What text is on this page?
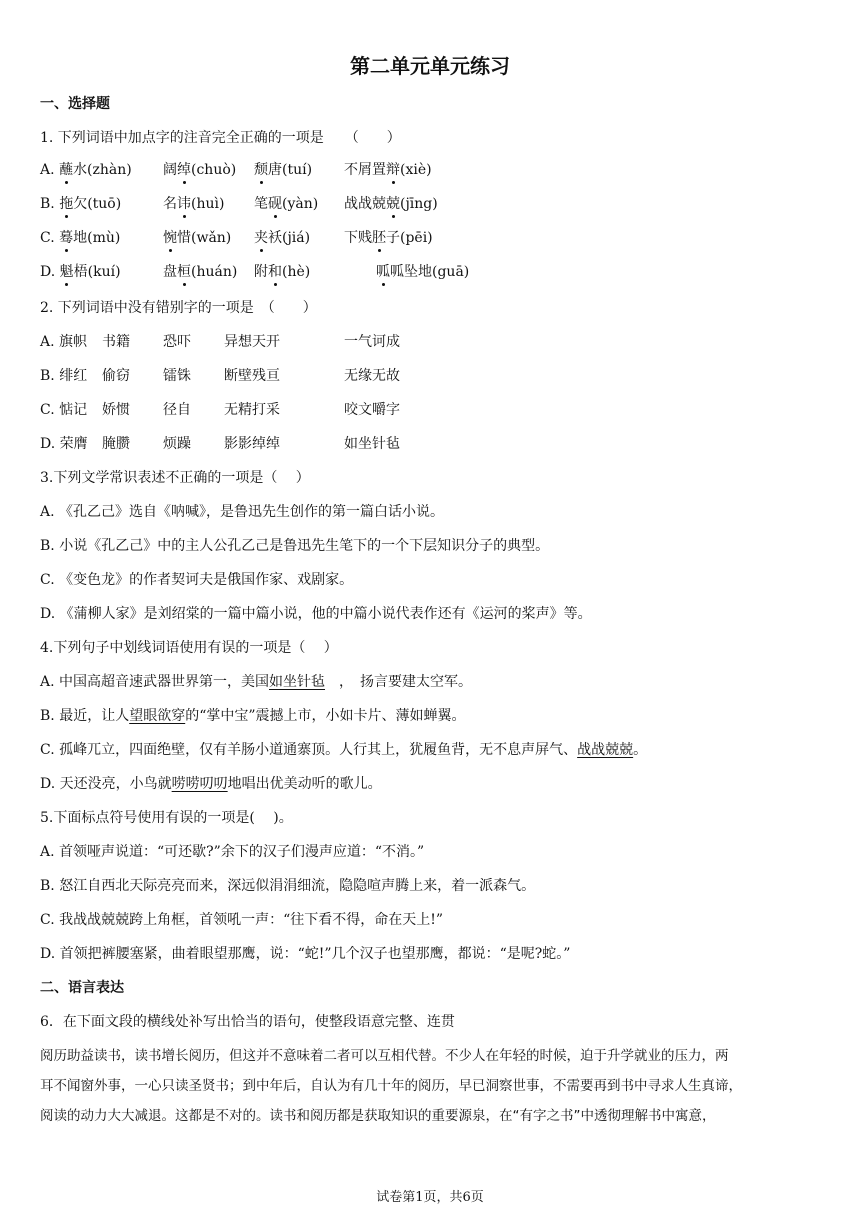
第二单元单元练习
一、选择题
1. 下列词语中加点字的注音完全正确的一项是　　（　　）
A. 蘸水(zhàn) 阔绰(chuò) 颓唐(tuí) 不屑置辩(xiè)
B. 拖欠(tuō)	名讳(huì) 笔砚(yàn) 战战兢兢(jīng)
C. 蓦地(mù)	惋惜(wǎn) 夹袄(jiá) 下贱胚子(pēi)
D. 魁梧(kuí)	盘桓(huán) 附和(hè)	呱呱坠地(guā)
2. 下列词语中没有错别字的一项是　（　　）
A. 旗帜 书籍 恐吓 异想天开	一气诃成
B. 绯红 偷窃 镭铢 断壁残亘	无缘无故
C. 惦记 娇惯 径自 无精打采	咬文嚼字
D. 荣膺 腌臜 烦躁 影影绰绰	如坐针毡
3.下列文学常识表述不正确的一项是（　 ）
A. 《孔乙己》选自《呐喊》，是鲁迅先生创作的第一篇白话小说。
B. 小说《孔乙己》中的主人公孔乙己是鲁迅先生笔下的一个下层知识分子的典型。
C. 《变色龙》的作者契诃夫是俄国作家、戏剧家。
D. 《蒲柳人家》是刘绍棠的一篇中篇小说，他的中篇小说代表作还有《运河的桨声》等。
4.下列句子中划线词语使用有误的一项是（　 ）
A. 中国高超音速武器世界第一，美国如坐针毡　，　扬言要建太空军。
B. 最近，让人望眼欲穿的“掌中宝”震撼上市，小如卡片、薄如蝉翼。
C. 孤峰兀立，四面绝壁，仅有羊肠小道通寨顶。人行其上，犹履鱼背，无不息声屏气、战战兢兢。
D. 天还没亮，小鸟就唠唠叨叨地唱出优美动听的歌儿。
5.下面标点符号使用有误的一项是(　 )。
A. 首领哑声说道：“可还歇?”余下的汉子们漫声应道：“不消。”
B. 怒江自西北天际亮亮而来，深远似涓涓细流，隐隐喧声腾上来，着一派森气。
C. 我战战兢兢跨上角框，首领吼一声：“往下看不得，命在天上!”
D. 首领把裤腰塞紧，曲着眼望那鹰，说：“蛇!”几个汉子也望那鹰，都说：“是呢?蛇。”
二、语言表达
6．在下面文段的横线处补写出恰当的语句，使整段语意完整、连贯
阅历助益读书，读书增长阅历，但这并不意味着二者可以互相代替。不少人在年轻的时候，迫于升学就业的压力，两
耳不闻窗外事，一心只读圣贤书；到中年后，自认为有几十年的阅历，早已洞察世事，不需要再到书中寻求人生真谛，
阅读的动力大大减退。这都是不对的。读书和阅历都是获取知识的重要源泉，在“有字之书”中透彻理解书中寓意，
试卷第1页，共6页
